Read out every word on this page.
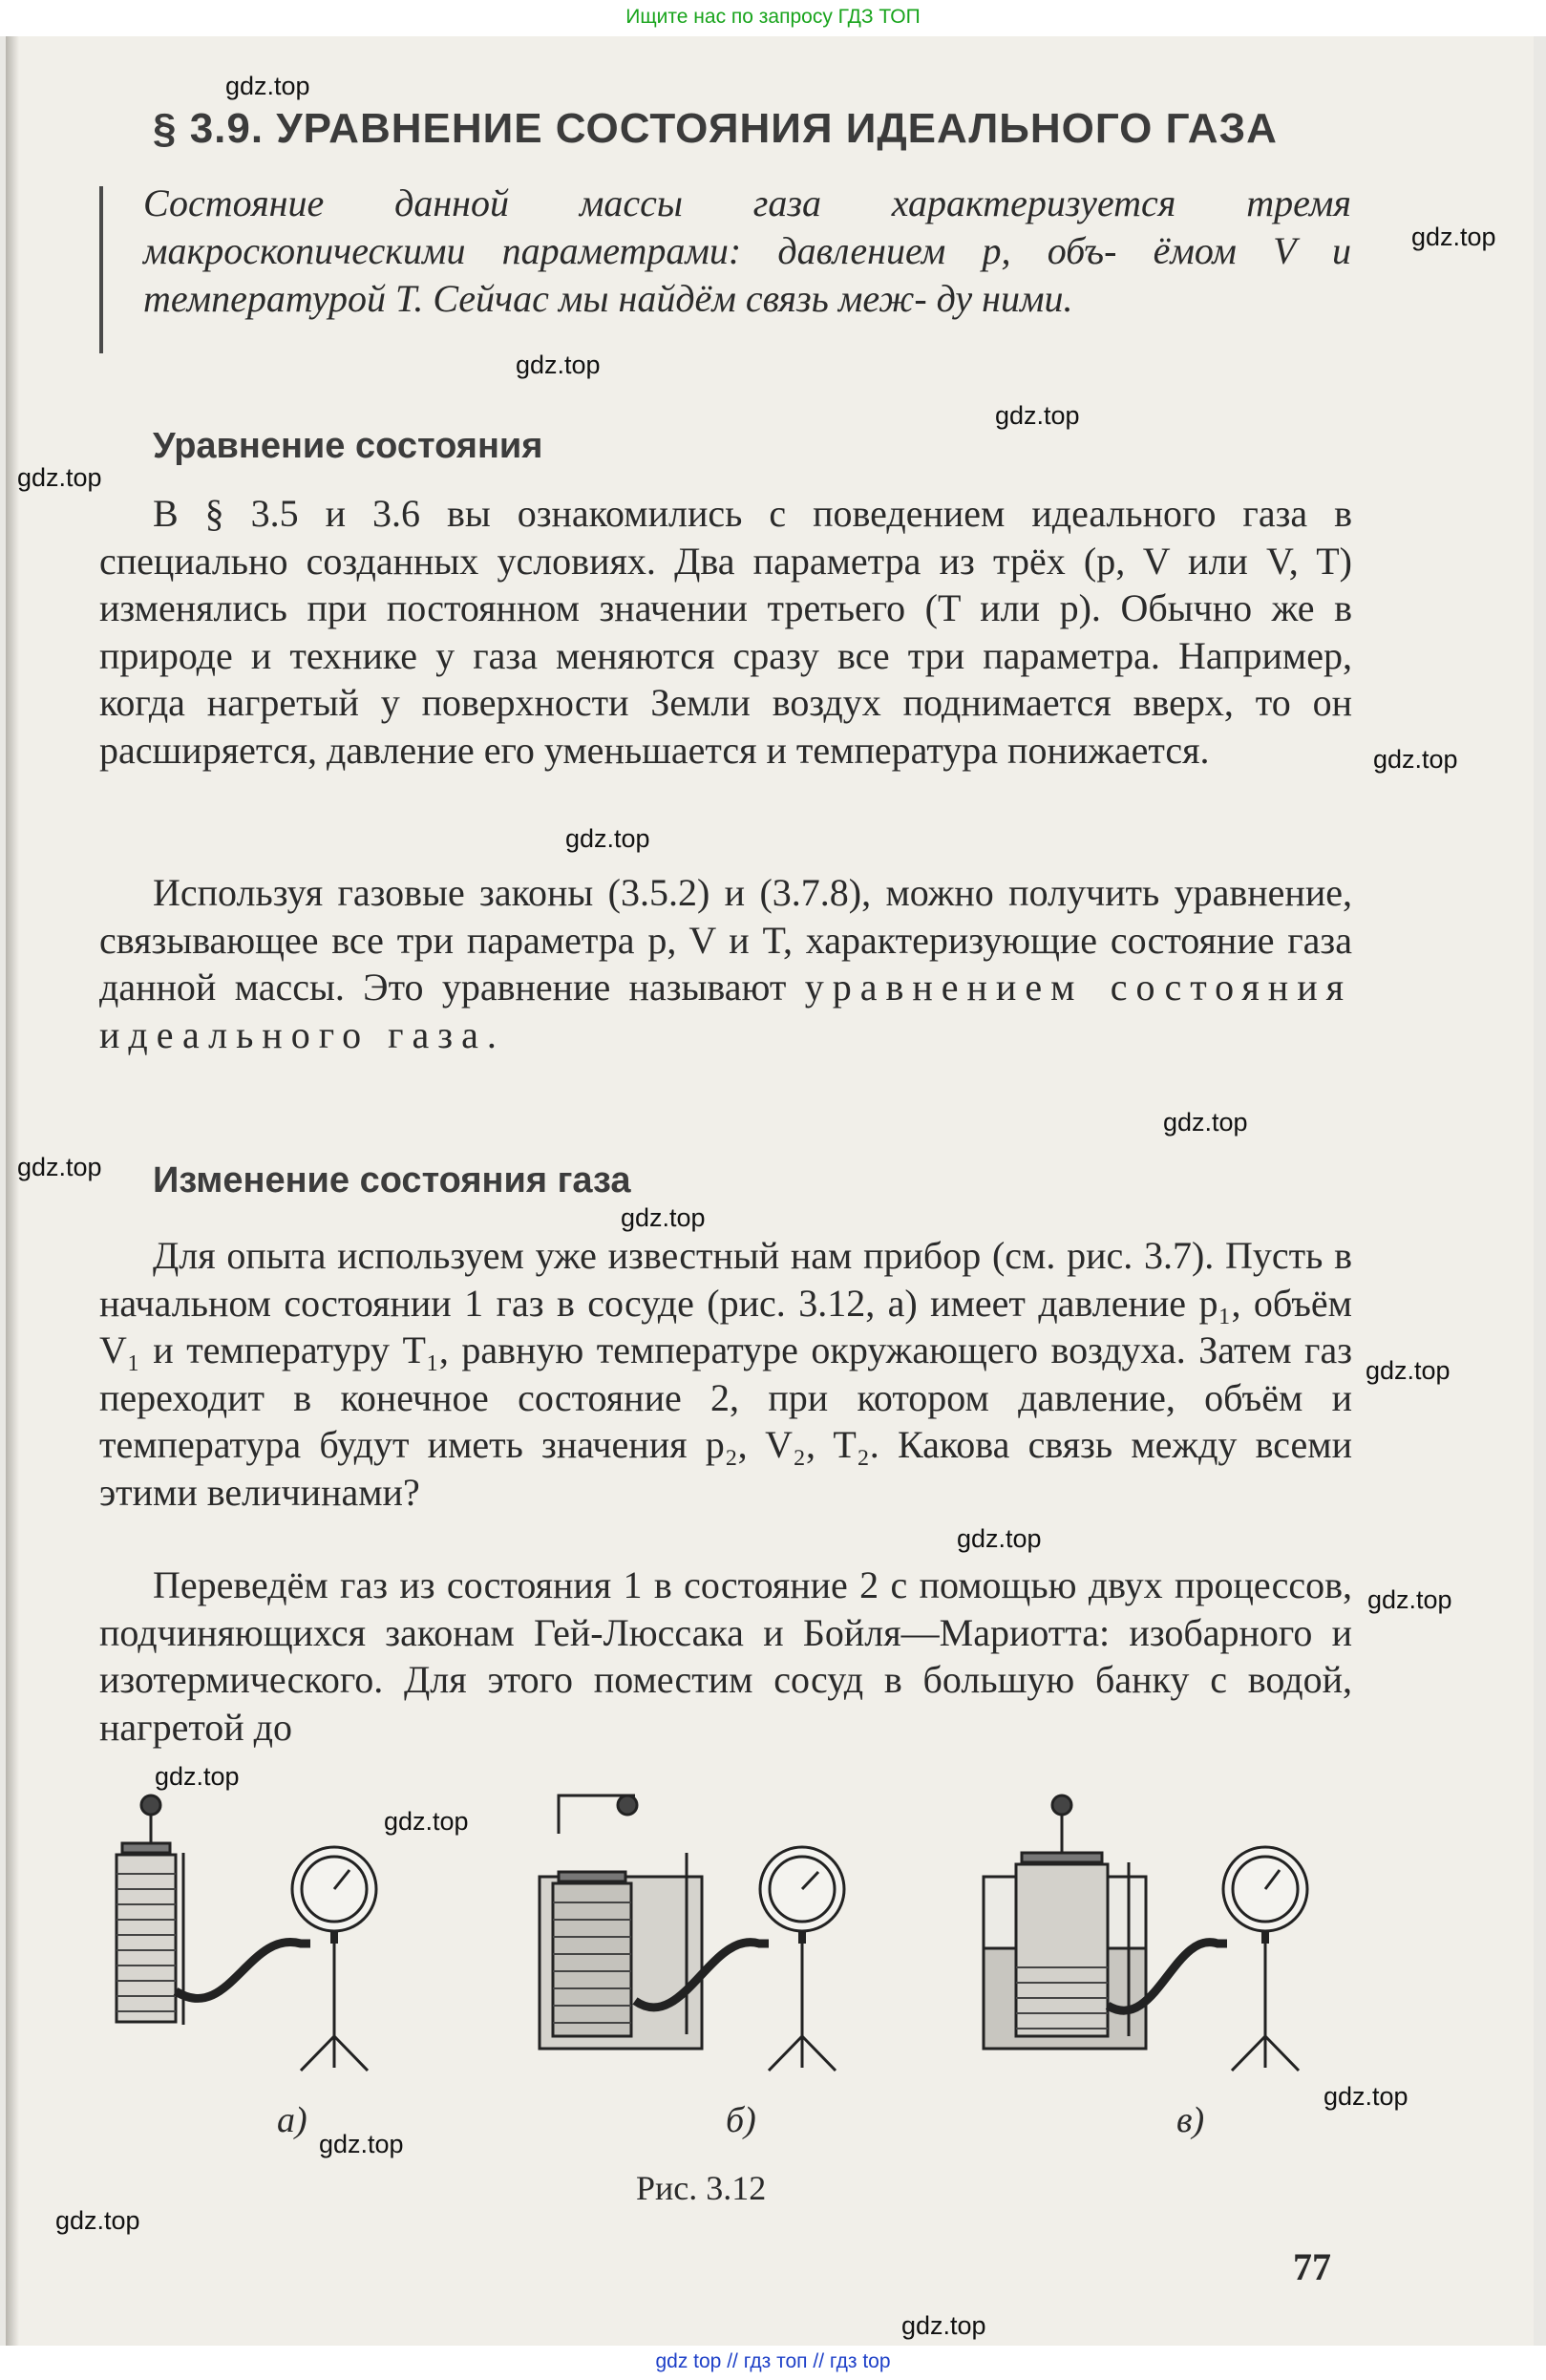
Ищите нас по запросу ГДЗ ТОП
§ 3.9. УРАВНЕНИЕ СОСТОЯНИЯ ИДЕАЛЬНОГО ГАЗА
Состояние данной массы газа характеризуется тремя макроскопическими параметрами: давлением p, объ- ёмом V и температурой T. Сейчас мы найдём связь меж- ду ними.
Уравнение состояния
В § 3.5 и 3.6 вы ознакомились с поведением идеального газа в специально созданных условиях. Два параметра из трёх (p, V или V, T) изменялись при постоянном значении третьего (T или p). Обычно же в природе и технике у газа меняются сразу все три параметра. Например, когда нагретый у поверхности Земли воздух поднимается вверх, то он расширяется, давление его уменьшается и температура понижается.
Используя газовые законы (3.5.2) и (3.7.8), можно получить уравнение, связывающее все три параметра p, V и T, характеризующие состояние газа данной массы. Это уравнение называют уравнением состояния идеального газа.
Изменение состояния газа
Для опыта используем уже известный нам прибор (см. рис. 3.7). Пусть в начальном состоянии 1 газ в сосуде (рис. 3.12, а) имеет давление p₁, объём V₁ и температуру T₁, равную температуре окружающего воздуха. Затем газ переходит в конечное состояние 2, при котором давление, объём и температура будут иметь значения p₂, V₂, T₂. Какова связь между всеми этими величинами?
Переведём газ из состояния 1 в состояние 2 с помощью двух процессов, подчиняющихся законам Гей-Люссака и Бойля—Мариотта: изобарного и изотермического. Для этого поместим сосуд в большую банку с водой, нагретой до
а)	б)	в)
Рис. 3.12
77
gdz.top
gdz.top
gdz.top
gdz.top
gdz.top
gdz.top
gdz.top
gdz.top
gdz.top
gdz.top
gdz.top
gdz.top
gdz.top
gdz.top
gdz.top
gdz.top
gdz.top
gdz.top
gdz.top
gdz top // гдз топ // гдз top
